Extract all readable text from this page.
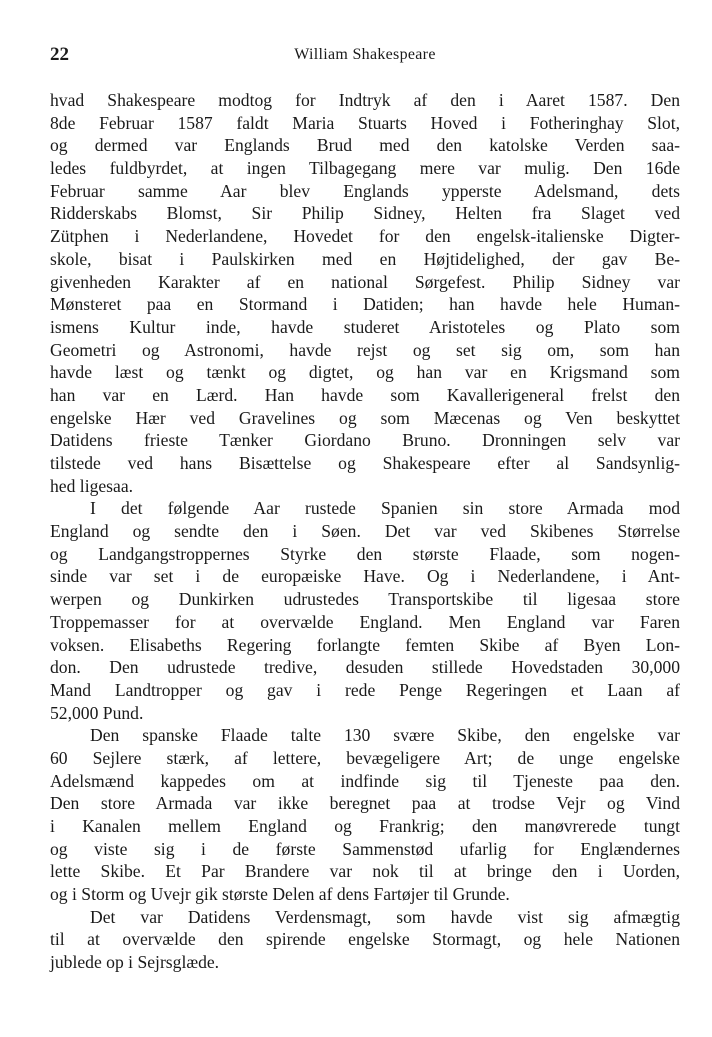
22	William Shakespeare
hvad Shakespeare modtog for Indtryk af den i Aaret 1587. Den
8de Februar 1587 faldt Maria Stuarts Hoved i Fotheringhay Slot,
og dermed var Englands Brud med den katolske Verden saa-
ledes fuldbyrdet, at ingen Tilbagegang mere var mulig. Den 16de
Februar samme Aar blev Englands ypperste Adelsmand, dets
Ridderskabs Blomst, Sir Philip Sidney, Helten fra Slaget ved
Zütphen i Nederlandene, Hovedet for den engelsk-italienske Digter-
skole, bisat i Paulskirken med en Højtidelighed, der gav Be-
givenheden Karakter af en national Sørgefest. Philip Sidney var
Mønsteret paa en Stormand i Datiden; han havde hele Human-
ismens Kultur inde, havde studeret Aristoteles og Plato som
Geometri og Astronomi, havde rejst og set sig om, som han
havde læst og tænkt og digtet, og han var en Krigsmand som
han var en Lærd. Han havde som Kavallerigeneral frelst den
engelske Hær ved Gravelines og som Mæcenas og Ven beskyttet
Datidens frieste Tænker Giordano Bruno. Dronningen selv var
tilstede ved hans Bisættelse og Shakespeare efter al Sandsynlig-
hed ligesaa.
I det følgende Aar rustede Spanien sin store Armada mod
England og sendte den i Søen. Det var ved Skibenes Størrelse
og Landgangstroppernes Styrke den største Flaade, som nogen-
sinde var set i de europæiske Have. Og i Nederlandene, i Ant-
werpen og Dunkirken udrustedes Transportskibe til ligesaa store
Troppemasser for at overvælde England. Men England var Faren
voksen. Elisabeths Regering forlangte femten Skibe af Byen Lon-
don. Den udrustede tredive, desuden stillede Hovedstaden 30,000
Mand Landtropper og gav i rede Penge Regeringen et Laan af
52,000 Pund.
Den spanske Flaade talte 130 svære Skibe, den engelske var
60 Sejlere stærk, af lettere, bevægeligere Art; de unge engelske
Adelsmænd kappedes om at indfinde sig til Tjeneste paa den.
Den store Armada var ikke beregnet paa at trodse Vejr og Vind
i Kanalen mellem England og Frankrig; den manøvrerede tungt
og viste sig i de første Sammenstød ufarlig for Englændernes
lette Skibe. Et Par Brandere var nok til at bringe den i Uorden,
og i Storm og Uvejr gik største Delen af dens Fartøjer til Grunde.
Det var Datidens Verdensmagt, som havde vist sig afmægtig
til at overvælde den spirende engelske Stormagt, og hele Nationen
jublede op i Sejrsglæde.
